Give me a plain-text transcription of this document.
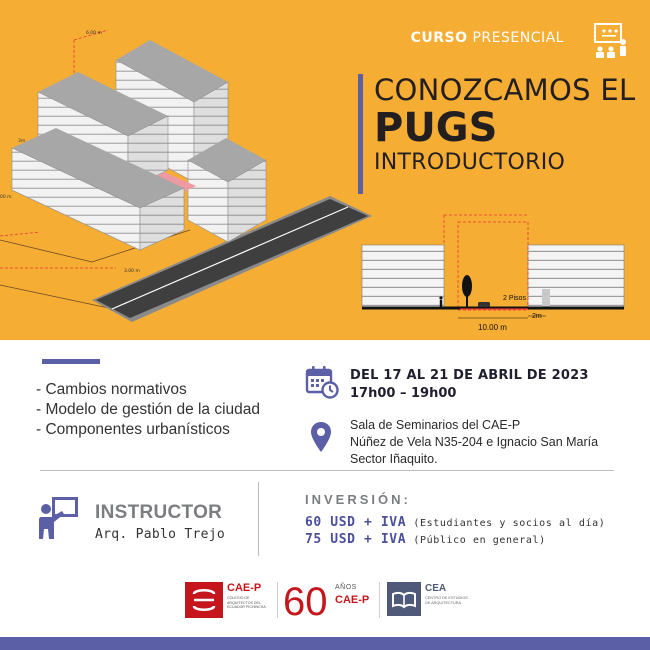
6.00 m
3m
00 m
3.00 m
2 Pisos
10.00 m
2m
CURSO PRESENCIAL
CONOZCAMOS EL
PUGS
INTRODUCTORIO
- Cambios normativos
- Modelo de gestión de la ciudad
- Componentes urbanísticos
DEL 17 AL 21 DE ABRIL DE 2023
17h00 – 19h00
Sala de Seminarios del CAE-P
Núñez de Vela N35-204 e Ignacio San María
Sector Iñaquito.
INSTRUCTOR
Arq. Pablo Trejo
INVERSIÓN:
60 USD + IVA (Estudiantes y socios al día)
75 USD + IVA (Público en general)
CAE-P
COLEGIO DE ARQUITECTOS DEL ECUADOR PICHINCHA 60 AÑOS
CAE-P
CEA
CENTRO DE ESTUDIOS DE ARQUITECTURA
